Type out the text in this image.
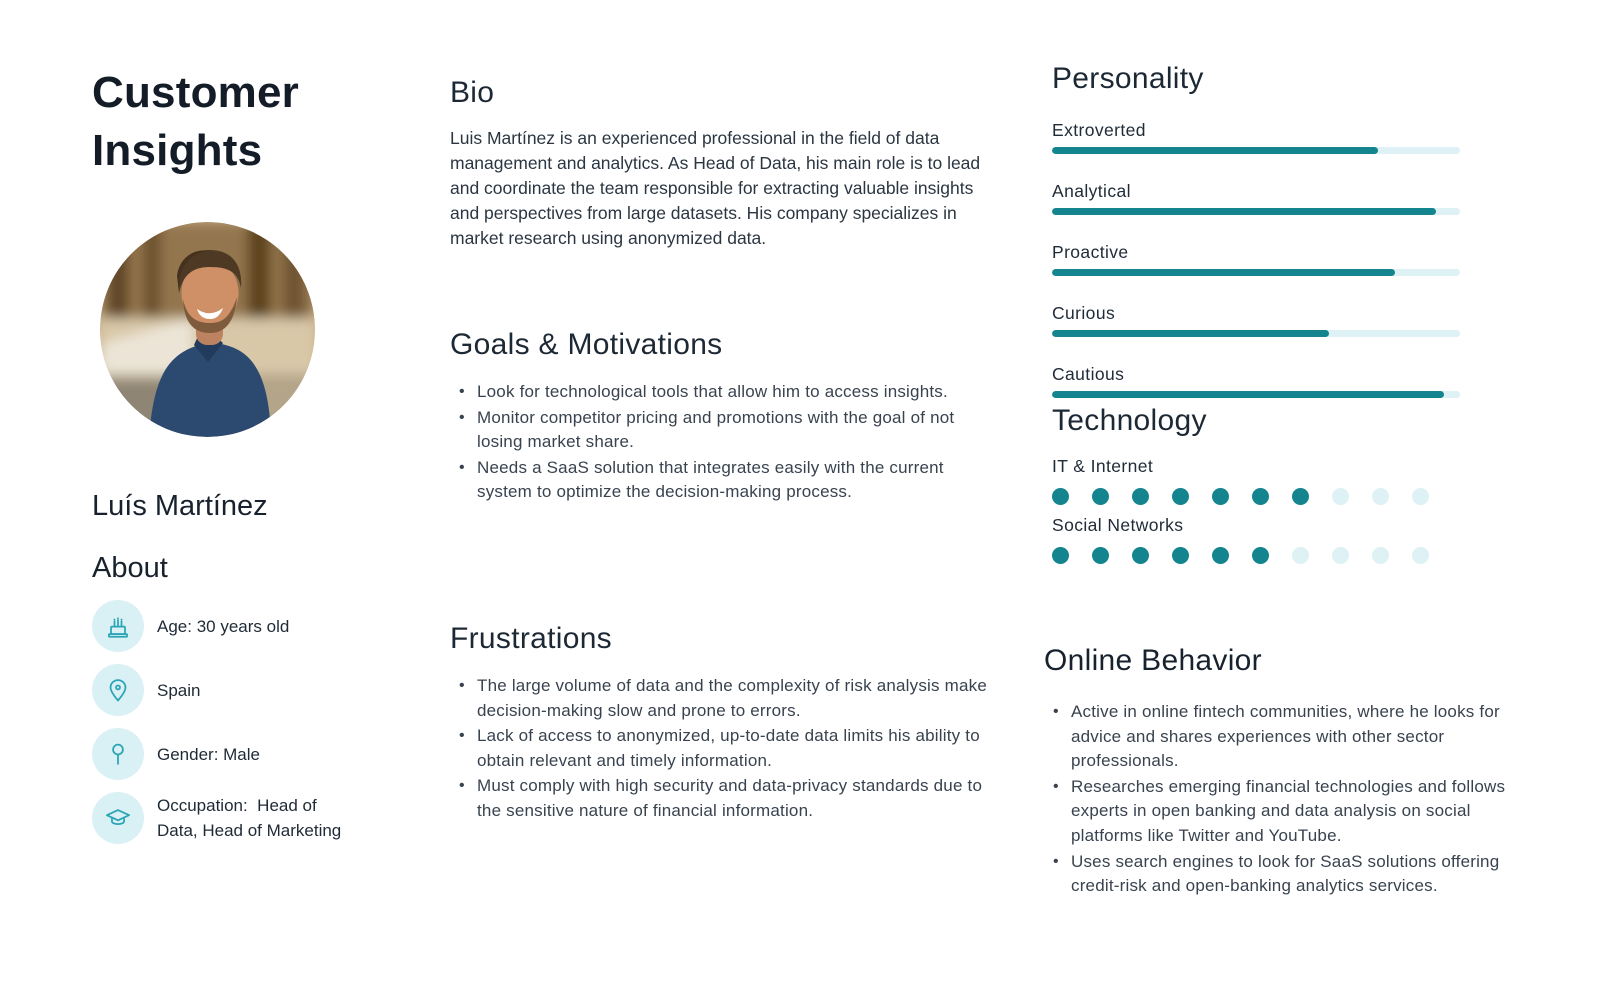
Customer Insights
Luís Martínez
About
Age: 30 years old
Spain
Gender: Male
Occupation:  Head of Data, Head of Marketing
Bio

Luis Martínez is an experienced professional in the field of data management and analytics. As Head of Data, his main role is to lead and coordinate the team responsible for extracting valuable insights and perspectives from large datasets. His company specializes in market research using anonymized data.

Goals & Motivations
• Look for technological tools that allow him to access insights.
• Monitor competitor pricing and promotions with the goal of not losing market share.
• Needs a SaaS solution that integrates easily with the current system to optimize the decision-making process.
Frustrations
• The large volume of data and the complexity of risk analysis make decision-making slow and prone to errors.
• Lack of access to anonymized, up-to-date data limits his ability to obtain relevant and timely information.
• Must comply with high security and data-privacy standards due to the sensitive nature of financial information.
Personality
Extroverted
Analytical
Proactive
Curious
Cautious
Technology
IT & Internet
Social Networks
Online Behavior
• Active in online fintech communities, where he looks for advice and shares experiences with other sector professionals.
• Researches emerging financial technologies and follows experts in open banking and data analysis on social platforms like Twitter and YouTube.
• Uses search engines to look for SaaS solutions offering credit-risk and open-banking analytics services.
